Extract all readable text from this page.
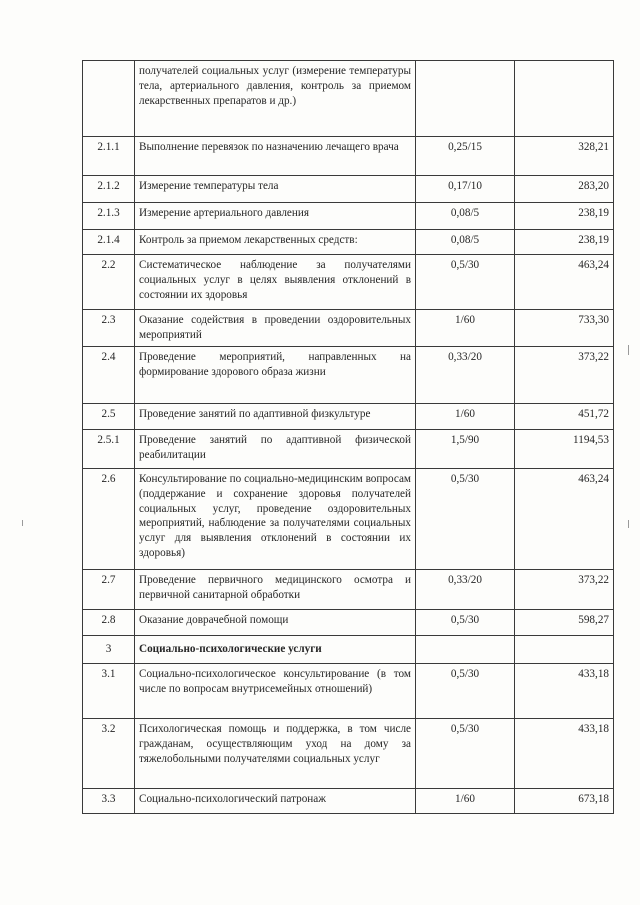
	получателей социальных услуг (измерение температуры тела, артериального давления, контроль за приемом лекарственных препаратов и др.)		
2.1.1	Выполнение перевязок по назначению лечащего врача	0,25/15	328,21
2.1.2	Измерение температуры тела	0,17/10	283,20
2.1.3	Измерение артериального давления	0,08/5	238,19
2.1.4	Контроль за приемом лекарственных средств:	0,08/5	238,19
2.2	Систематическое наблюдение за получателями социальных услуг в целях выявления отклонений в состоянии их здоровья	0,5/30	463,24
2.3	Оказание содействия в проведении оздоровительных мероприятий	1/60	733,30
2.4	Проведение мероприятий, направленных на формирование здорового образа жизни	0,33/20	373,22
2.5	Проведение занятий по адаптивной физкультуре	1/60	451,72
2.5.1	Проведение занятий по адаптивной физической реабилитации	1,5/90	1194,53
2.6	Консультирование по социально-медицинским вопросам (поддержание и сохранение здоровья получателей социальных услуг, проведение оздоровительных мероприятий, наблюдение за получателями социальных услуг для выявления отклонений в состоянии их здоровья)	0,5/30	463,24
2.7	Проведение первичного медицинского осмотра и первичной санитарной обработки	0,33/20	373,22
2.8	Оказание доврачебной помощи	0,5/30	598,27
3	Социально-психологические услуги		
3.1	Социально-психологическое консультирование (в том числе по вопросам внутрисемейных отношений)	0,5/30	433,18
3.2	Психологическая помощь и поддержка, в том числе гражданам, осуществляющим уход на дому за тяжелобольными получателями социальных услуг	0,5/30	433,18
3.3	Социально-психологический патронаж	1/60	673,18
